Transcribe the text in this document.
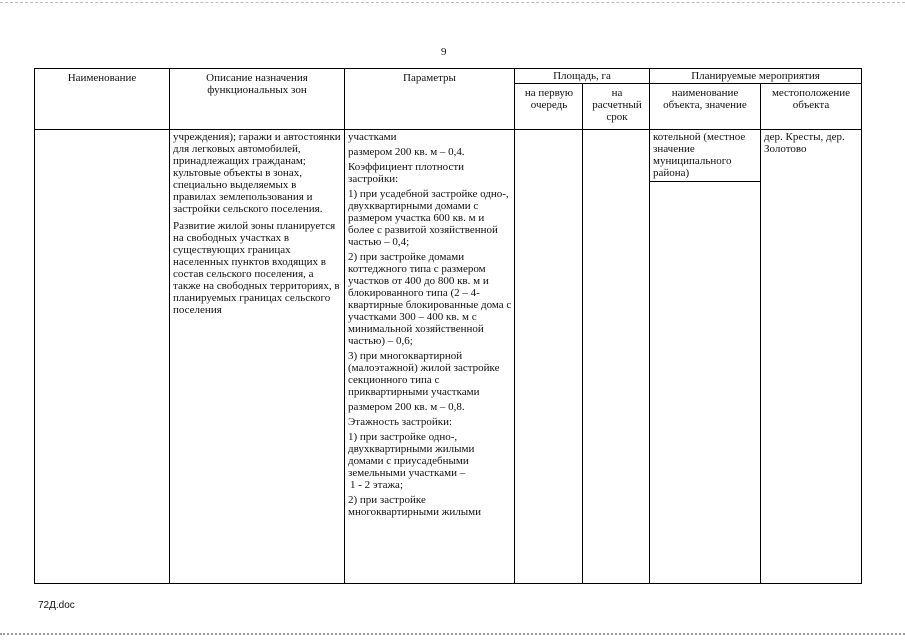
9
Наименование	Описание назначения функциональных зон
Параметры	Площадь, га
на первую очередь
на расчетный срок
Планируемые мероприятия
наименование объекта, значение
местоположение объекта

учреждения); гаражи и автостоянки для легковых автомобилей, принадлежащих гражданам; культовые объекты в зонах, специально выделяемых в правилах землепользования и застройки сельского поселения.

Развитие жилой зоны планируется на свободных участках в существующих границах населенных пунктов входящих в состав сельского поселения, а также на свободных территориях, в планируемых границах сельского поселения

участками

размером 200 кв. м – 0,4.

Коэффициент плотности застройки:

1) при усадебной застройке одно-, двухквартирными домами с размером участка 600 кв. м и более с развитой хозяйственной частью – 0,4;

2) при застройке домами коттеджного типа с размером участков от 400 до 800 кв. м и блокированного типа (2 – 4-квартирные блокированные дома с участками 300 – 400 кв. м с минимальной хозяйственной частью) – 0,6;

3) при многоквартирной (малоэтажной) жилой застройке секционного типа с приквартирными участками

размером 200 кв. м – 0,8.

Этажность застройки:

1) при застройке одно-, двухквартирными жилыми домами с приусадебными земельными участками –

1 - 2 этажа;

2) при застройке многоквартирными жилыми

котельной (местное значение муниципального района)
дер. Кресты, дер. Золотово
72Д.doc
